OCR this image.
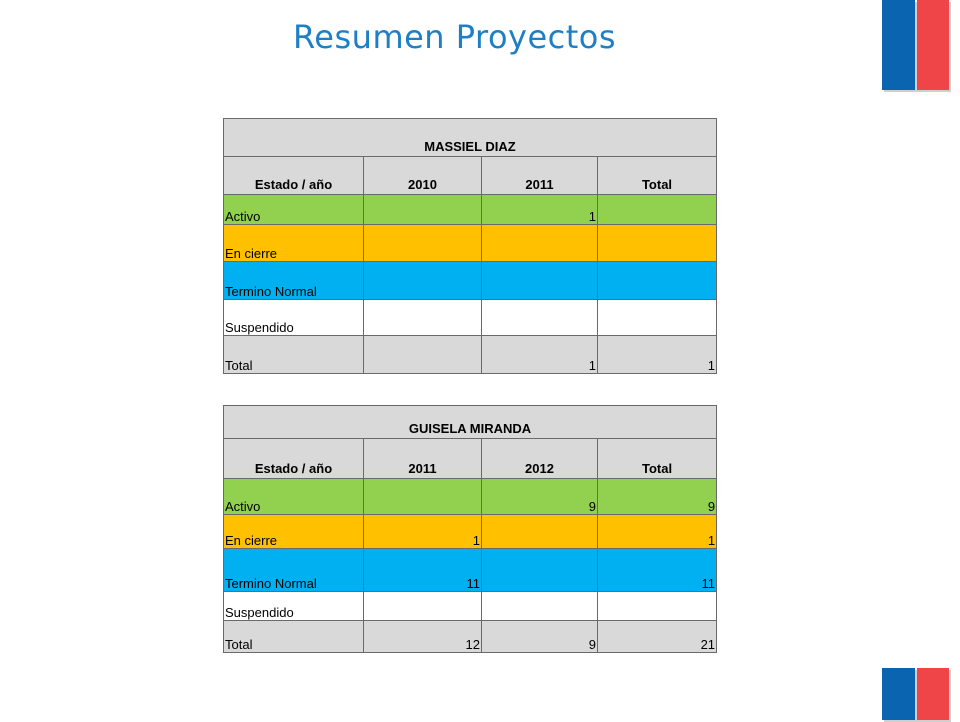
Resumen Proyectos
MASSIEL DIAZ			
Estado / año	2010	2011	Total
Activo		1	
En cierre			
Termino Normal			
Suspendido			
Total		1	1
GUISELA MIRANDA			
Estado / año	2011	2012	Total
Activo		9	9
En cierre	1		1
Termino Normal	11		11
Suspendido			
Total	12	9	21
